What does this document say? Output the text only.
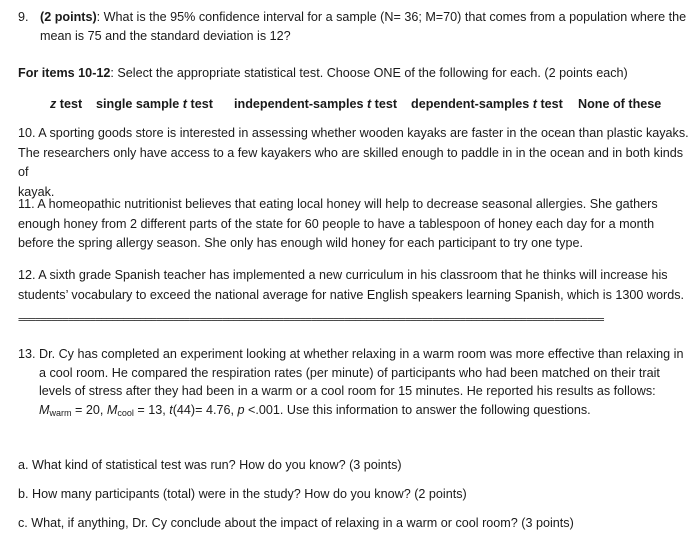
9. (2 points): What is the 95% confidence interval for a sample (N= 36; M=70) that comes from a population where the
mean is 75 and the standard deviation is 12?
For items 10-12: Select the appropriate statistical test. Choose ONE of the following for each. (2 points each)
z test single sample t test independent-samples t test dependent-samples t test None of these
10. A sporting goods store is interested in assessing whether wooden kayaks are faster in the ocean than plastic kayaks.
The researchers only have access to a few kayakers who are skilled enough to paddle in in the ocean and in both kinds of
kayak.
11. A homeopathic nutritionist believes that eating local honey will help to decrease seasonal allergies. She gathers
enough honey from 2 different parts of the state for 60 people to have a tablespoon of honey each day for a month
before the spring allergy season. She only has enough wild honey for each participant to try one type.
12. A sixth grade Spanish teacher has implemented a new curriculum in his classroom that he thinks will increase his
students’ vocabulary to exceed the national average for native English speakers learning Spanish, which is 1300 words.
==========================================================================================================
13. Dr. Cy has completed an experiment looking at whether relaxing in a warm room was more effective than relaxing in
a cool room. He compared the respiration rates (per minute) of participants who had been matched on their trait
levels of stress after they had been in a warm or a cool room for 15 minutes. He reported his results as follows:
$M_{warm} = 20$, $M_{cool} = 13$, t(44)= 4.76, p <.001. Use this information to answer the following questions.
a. What kind of statistical test was run? How do you know? (3 points)
b. How many participants (total) were in the study? How do you know? (2 points)
c. What, if anything, Dr. Cy conclude about the impact of relaxing in a warm or cool room? (3 points)
